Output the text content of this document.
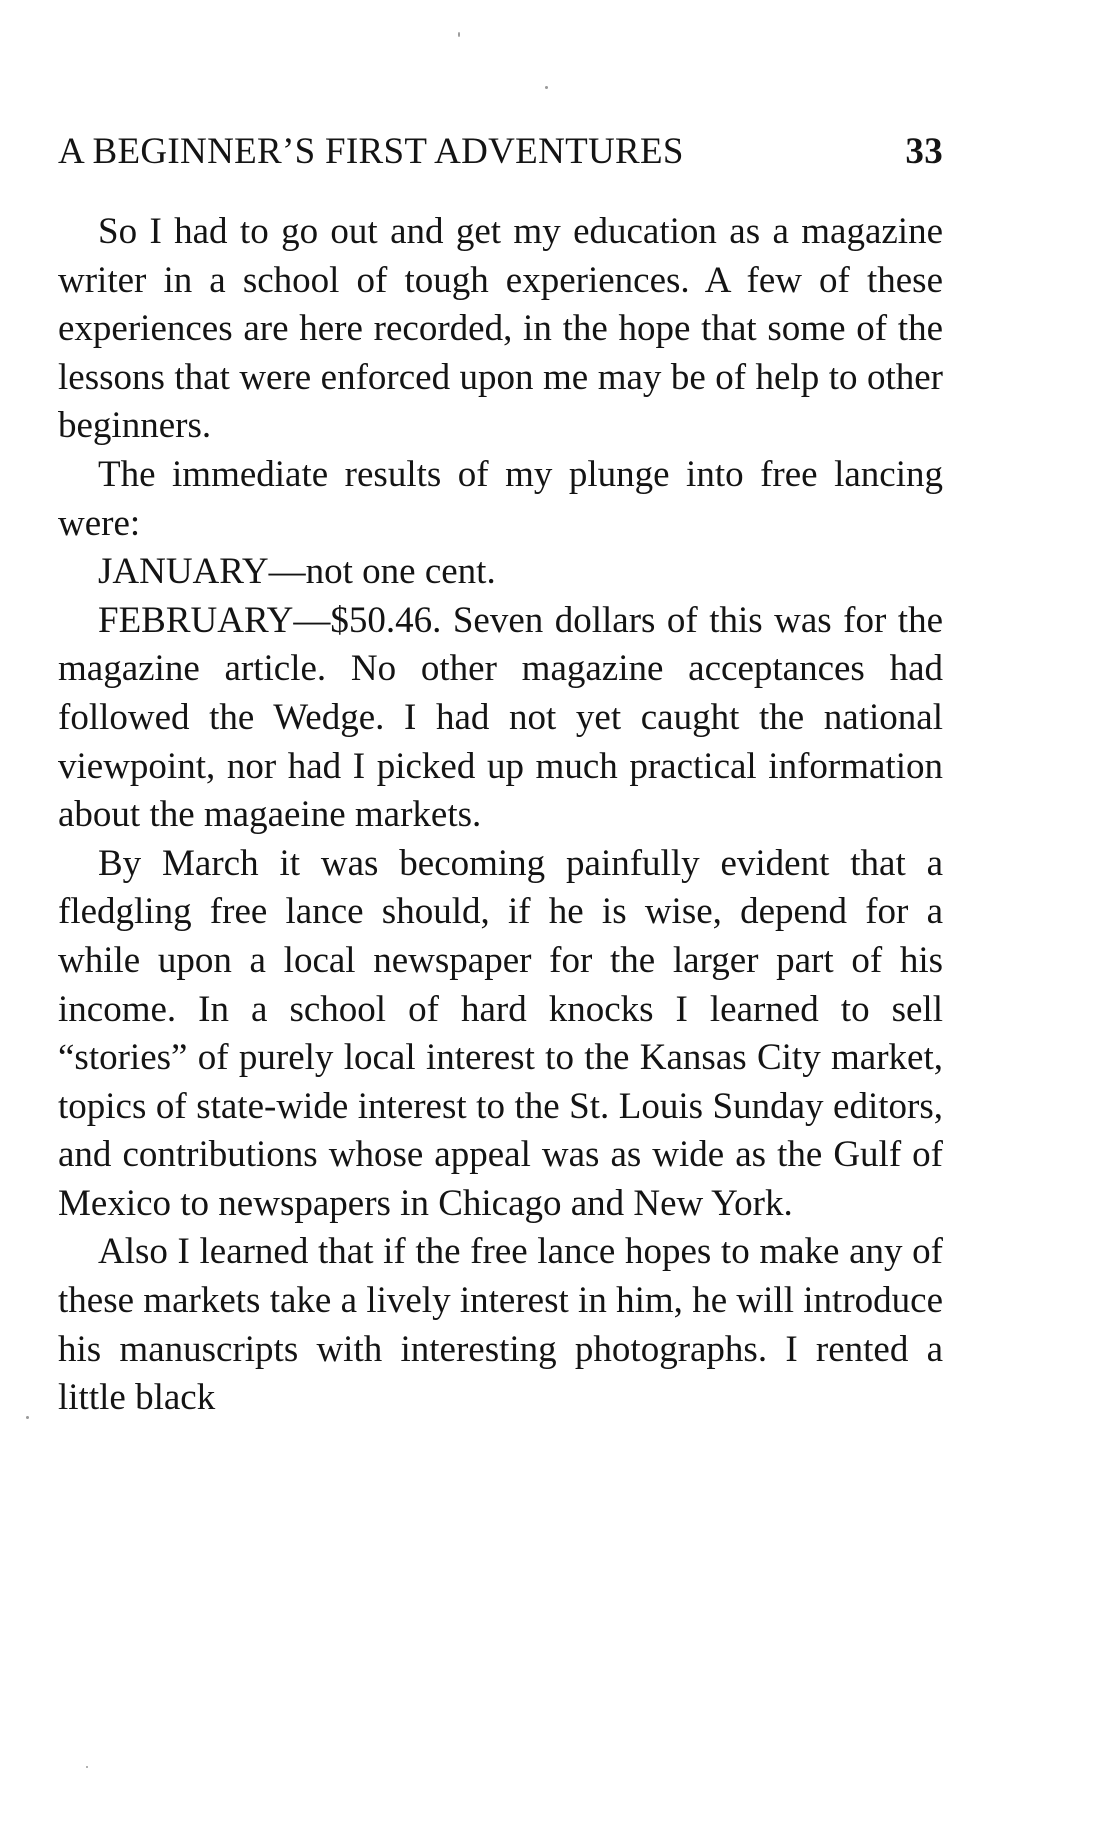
A BEGINNER’S FIRST ADVENTURES	33

So I had to go out and get my education as a magazine writer in a school of tough experiences. A few of these experiences are here recorded, in the hope that some of the lessons that were enforced upon me may be of help to other beginners.

The immediate results of my plunge into free lancing were:

JANUARY—not one cent.

FEBRUARY—$50.46. Seven dollars of this was for the magazine article. No other magazine acceptances had followed the Wedge. I had not yet caught the national viewpoint, nor had I picked up much practical information about the magaeine markets.

By March it was becoming painfully evident that a fledgling free lance should, if he is wise, depend for a while upon a local newspaper for the larger part of his income. In a school of hard knocks I learned to sell “stories” of purely local interest to the Kansas City market, topics of state-wide interest to the St. Louis Sunday editors, and contributions whose appeal was as wide as the Gulf of Mexico to newspapers in Chicago and New York.

Also I learned that if the free lance hopes to make any of these markets take a lively interest in him, he will introduce his manuscripts with interesting photographs. I rented a little black
